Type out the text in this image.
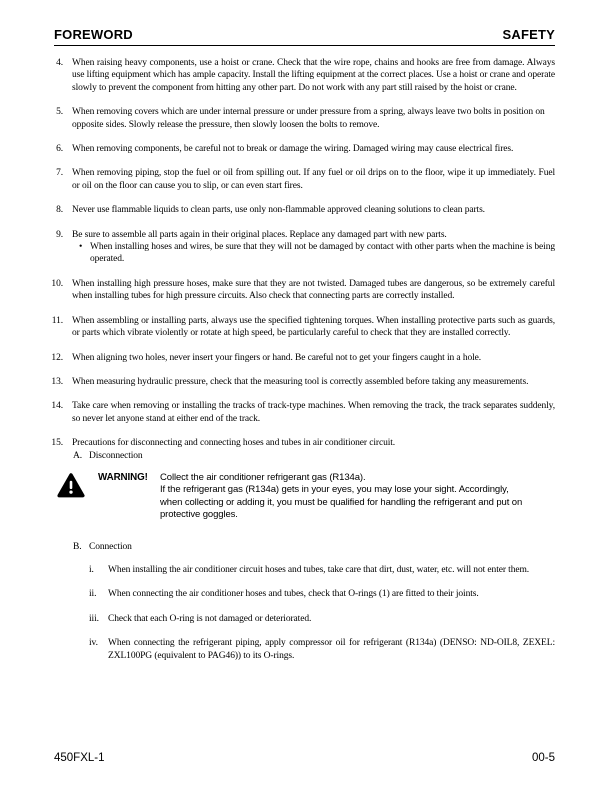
FOREWORD	SAFETY
4. When raising heavy components, use a hoist or crane. Check that the wire rope, chains and hooks are free from damage. Always use lifting equipment which has ample capacity. Install the lifting equipment at the correct places. Use a hoist or crane and operate slowly to prevent the component from hitting any other part. Do not work with any part still raised by the hoist or crane.
5. When removing covers which are under internal pressure or under pressure from a spring, always leave two bolts in position on opposite sides. Slowly release the pressure, then slowly loosen the bolts to remove.
6. When removing components, be careful not to break or damage the wiring. Damaged wiring may cause electrical fires.
7. When removing piping, stop the fuel or oil from spilling out. If any fuel or oil drips on to the floor, wipe it up immediately. Fuel or oil on the floor can cause you to slip, or can even start fires.
8. Never use flammable liquids to clean parts, use only non-flammable approved cleaning solutions to clean parts.
9. Be sure to assemble all parts again in their original places. Replace any damaged part with new parts.
• When installing hoses and wires, be sure that they will not be damaged by contact with other parts when the machine is being operated.
10. When installing high pressure hoses, make sure that they are not twisted. Damaged tubes are dangerous, so be extremely careful when installing tubes for high pressure circuits. Also check that connecting parts are correctly installed.
11. When assembling or installing parts, always use the specified tightening torques. When installing protective parts such as guards, or parts which vibrate violently or rotate at high speed, be particularly careful to check that they are installed correctly.
12. When aligning two holes, never insert your fingers or hand. Be careful not to get your fingers caught in a hole.
13. When measuring hydraulic pressure, check that the measuring tool is correctly assembled before taking any measurements.
14. Take care when removing or installing the tracks of track-type machines. When removing the track, the track separates suddenly, so never let anyone stand at either end of the track.
15. Precautions for disconnecting and connecting hoses and tubes in air conditioner circuit.
A. Disconnection
WARNING!	Collect the air conditioner refrigerant gas (R134a).
If the refrigerant gas (R134a) gets in your eyes, you may lose your sight. Accordingly,
when collecting or adding it, you must be qualified for handling the refrigerant and put on
protective goggles.
B. Connection
i.	When installing the air conditioner circuit hoses and tubes, take care that dirt, dust, water, etc. will not enter them.
ii.	When connecting the air conditioner hoses and tubes, check that O-rings (1) are fitted to their joints.
iii. Check that each O-ring is not damaged or deteriorated.
iv.	When connecting the refrigerant piping, apply compressor oil for refrigerant (R134a) (DENSO: ND-OIL8, ZEXEL: ZXL100PG (equivalent to PAG46)) to its O-rings.
450FXL-1	00-5
